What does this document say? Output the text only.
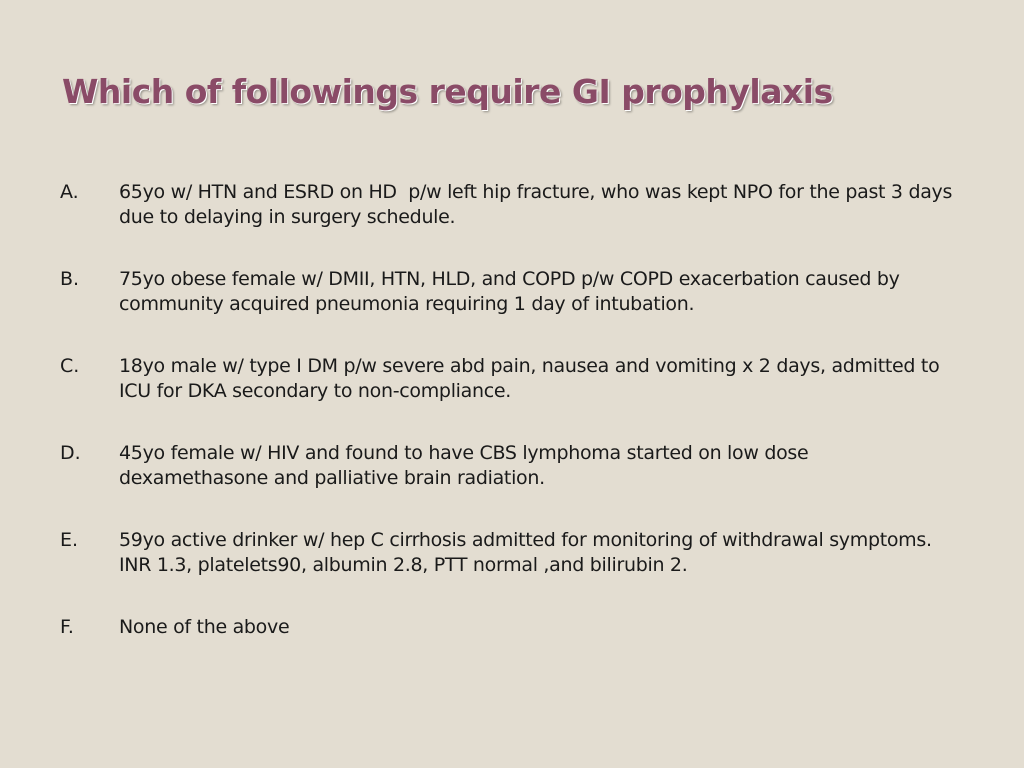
Which of followings require GI prophylaxis
A.	65yo w/ HTN and ESRD on HD  p/w left hip fracture, who was kept NPO for the past 3 days due to delaying in surgery schedule.
B.	75yo obese female w/ DMII, HTN, HLD, and COPD p/w COPD exacerbation caused by community acquired pneumonia requiring 1 day of intubation.
C.	18yo male w/ type I DM p/w severe abd pain, nausea and vomiting x 2 days, admitted to ICU for DKA secondary to non-compliance.
D.	45yo female w/ HIV and found to have CBS lymphoma started on low dose dexamethasone and palliative brain radiation.
E.	59yo active drinker w/ hep C cirrhosis admitted for monitoring of withdrawal symptoms. INR 1.3, platelets90, albumin 2.8, PTT normal ,and bilirubin 2.
F.	None of the above
